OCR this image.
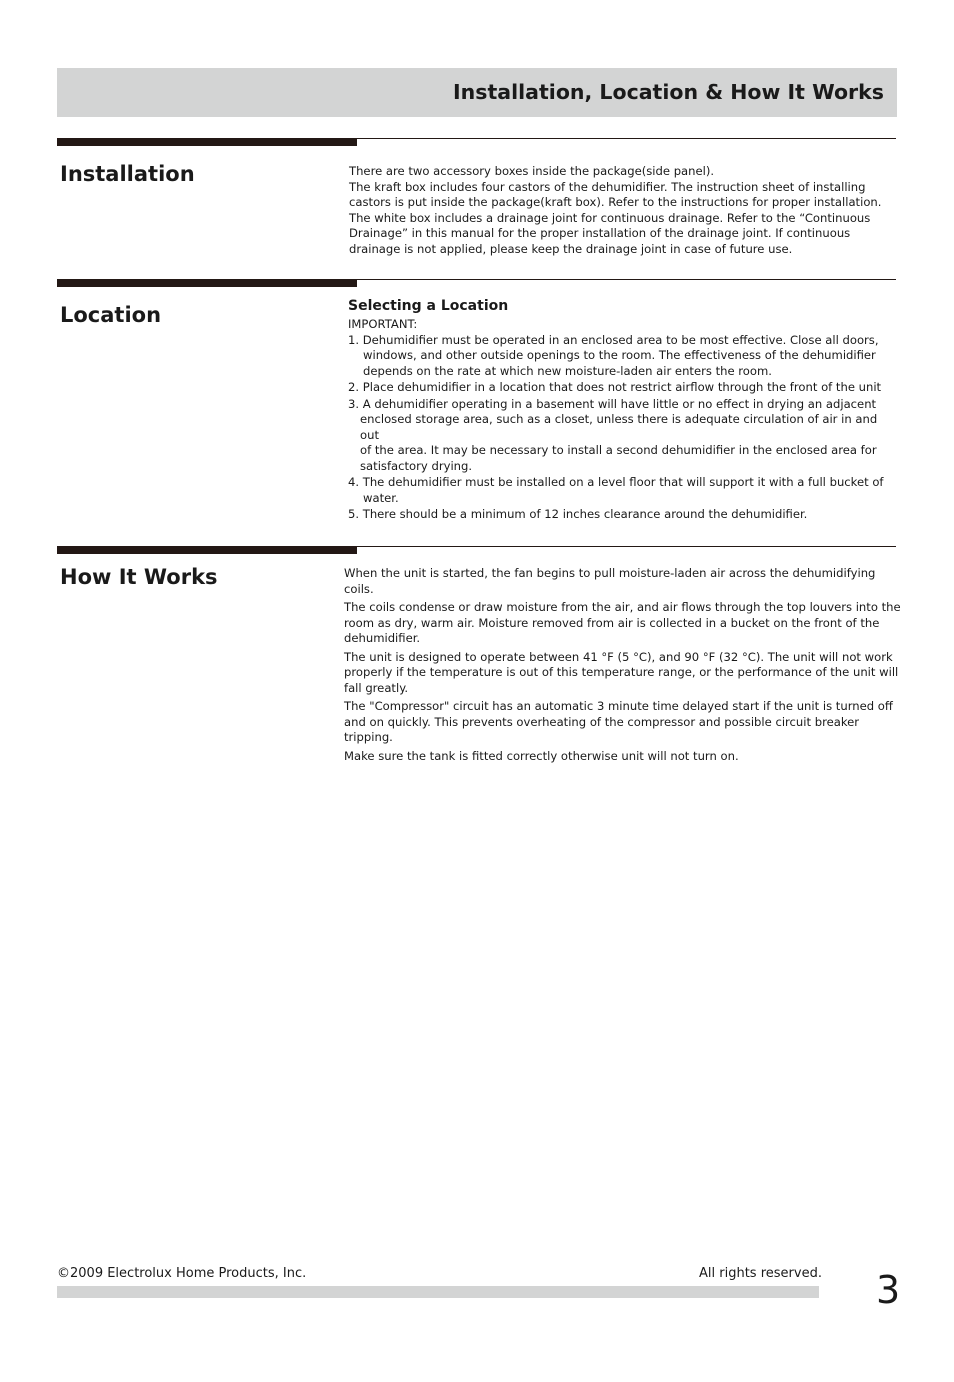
Installation, Location & How It Works
Installation	There are two accessory boxes inside the package(side panel).

The kraft box includes four castors of the dehumidifier. The instruction sheet of installing

castors is put inside the package(kraft box). Refer to the instructions for proper installation.

The white box includes a drainage joint for continuous drainage. Refer to the “Continuous

Drainage” in this manual for the proper installation of the drainage joint. If continuous

drainage is not applied, please keep the drainage joint in case of future use.

Location	Selecting a Location

IMPORTANT:

1. Dehumidifier must be operated in an enclosed area to be most effective. Close all doors,
windows, and other outside openings to the room. The effectiveness of the dehumidifier
depends on the rate at which new moisture-laden air enters the room.
2. Place dehumidifier in a location that does not restrict airflow through the front of the unit
3. A dehumidifier operating in a basement will have little or no effect in drying an adjacent
enclosed storage area, such as a closet, unless there is adequate circulation of air in and out
of the area. It may be necessary to install a second dehumidifier in the enclosed area for
satisfactory drying.
4. The dehumidifier must be installed on a level floor that will support it with a full bucket of
water.
5. There should be a minimum of 12 inches clearance around the dehumidifier.
How It Works	When the unit is started, the fan begins to pull moisture-laden air across the dehumidifying coils.

The coils condense or draw moisture from the air, and air flows through the top louvers into the
room as dry, warm air. Moisture removed from air is collected in a bucket on the front of the
dehumidifier.

The unit is designed to operate between 41 °F (5 °C), and 90 °F (32 °C). The unit will not work
properly if the temperature is out of this temperature range, or the performance of the unit will
fall greatly.

The "Compressor" circuit has an automatic 3 minute time delayed start if the unit is turned off
and on quickly. This prevents overheating of the compressor and possible circuit breaker tripping.

Make sure the tank is fitted correctly otherwise unit will not turn on.

©2009 Electrolux Home Products, Inc.	All rights reserved. 3
